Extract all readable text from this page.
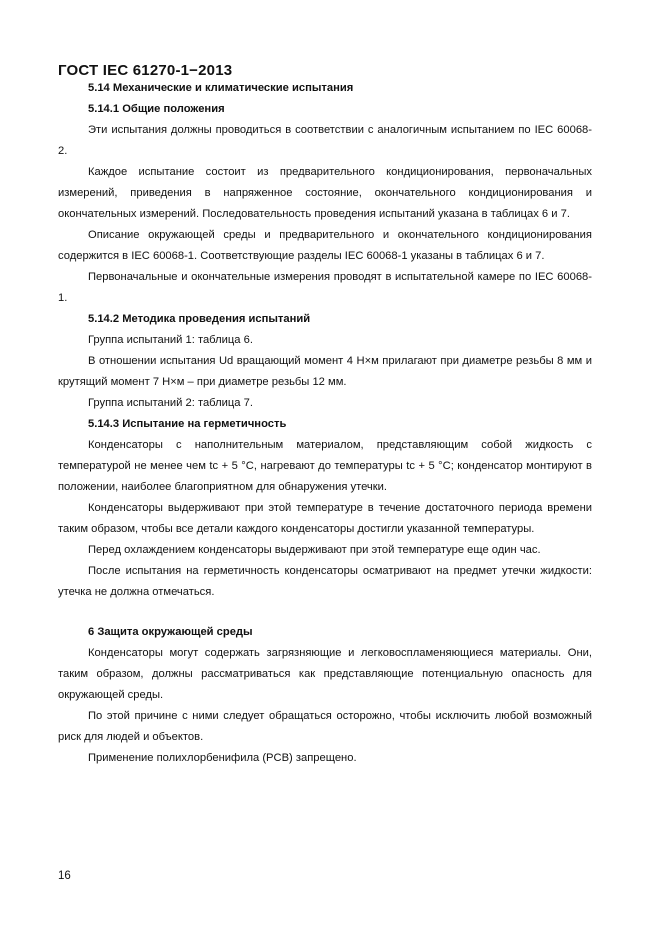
ГОСТ IEC 61270-1−2013

5.14 Механические и климатические испытания

5.14.1 Общие положения

Эти испытания должны проводиться в соответствии с аналогичным испытанием по IEC 60068-2.

Каждое испытание состоит из предварительного кондиционирования, первоначальных измерений, приведения в напряженное состояние, окончательного кондиционирования и окончательных измерений. Последовательность проведения испытаний указана в таблицах 6 и 7.

Описание окружающей среды и предварительного и окончательного кондиционирования содержится в IEC 60068-1. Соответствующие разделы IEC 60068-1 указаны в таблицах 6 и 7.

Первоначальные и окончательные измерения проводят в испытательной камере по IEC 60068-1.

5.14.2 Методика проведения испытаний

Группа испытаний 1: таблица 6.

В отношении испытания Ud вращающий момент 4 Н×м прилагают при диаметре резьбы 8 мм и крутящий момент 7 Н×м – при диаметре резьбы 12 мм.

Группа испытаний 2: таблица 7.

5.14.3 Испытание на герметичность

Конденсаторы с наполнительным материалом, представляющим собой жидкость с температурой не менее чем tc + 5 °С, нагревают до температуры tc + 5 °С; конденсатор монтируют в положении, наиболее благоприятном для обнаружения утечки.

Конденсаторы выдерживают при этой температуре в течение достаточного периода времени таким образом, чтобы все детали каждого конденсаторы достигли указанной температуры.

Перед охлаждением конденсаторы выдерживают при этой температуре еще один час.

После испытания на герметичность конденсаторы осматривают на предмет утечки жидкости: утечка не должна отмечаться.

6 Защита окружающей среды

Конденсаторы могут содержать загрязняющие и легковоспламеняющиеся материалы. Они, таким образом, должны рассматриваться как представляющие потенциальную опасность для окружающей среды.

По этой причине с ними следует обращаться осторожно, чтобы исключить любой возможный риск для людей и объектов.

Применение полихлорбенифила (PCB) запрещено.

16
